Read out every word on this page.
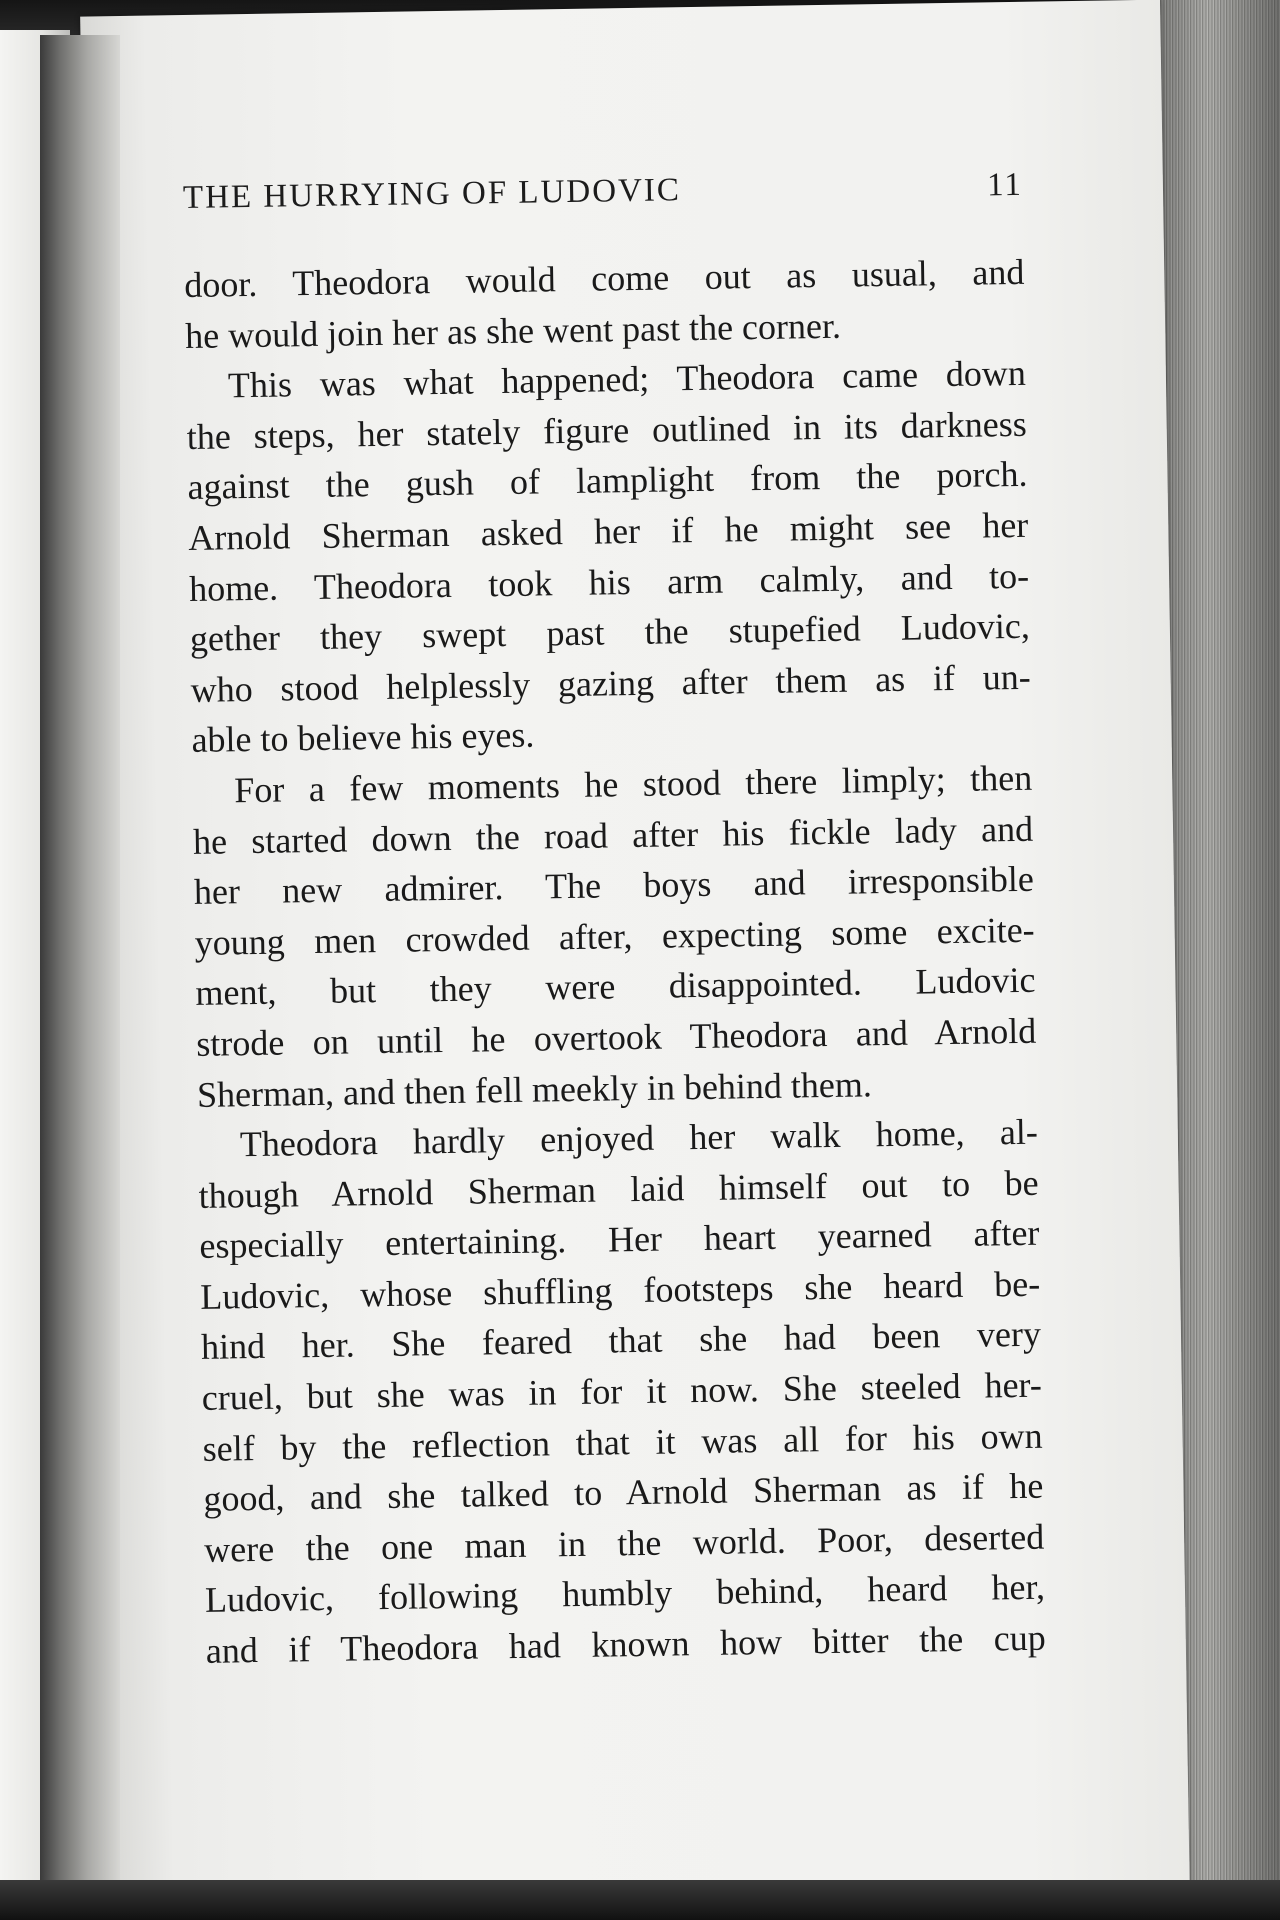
THE HURRYING OF LUDOVIC	11
door. Theodora would come out as usual, and
he would join her as she went past the corner.
This was what happened; Theodora came down
the steps, her stately figure outlined in its darkness
against the gush of lamplight from the porch.
Arnold Sherman asked her if he might see her
home. Theodora took his arm calmly, and to-
gether they swept past the stupefied Ludovic,
who stood helplessly gazing after them as if un-
able to believe his eyes.
For a few moments he stood there limply; then
he started down the road after his fickle lady and
her new admirer. The boys and irresponsible
young men crowded after, expecting some excite-
ment, but they were disappointed. Ludovic
strode on until he overtook Theodora and Arnold
Sherman, and then fell meekly in behind them.
Theodora hardly enjoyed her walk home, al-
though Arnold Sherman laid himself out to be
especially entertaining. Her heart yearned after
Ludovic, whose shuffling footsteps she heard be-
hind her. She feared that she had been very
cruel, but she was in for it now. She steeled her-
self by the reflection that it was all for his own
good, and she talked to Arnold Sherman as if he
were the one man in the world. Poor, deserted
Ludovic, following humbly behind, heard her,
and if Theodora had known how bitter the cup
